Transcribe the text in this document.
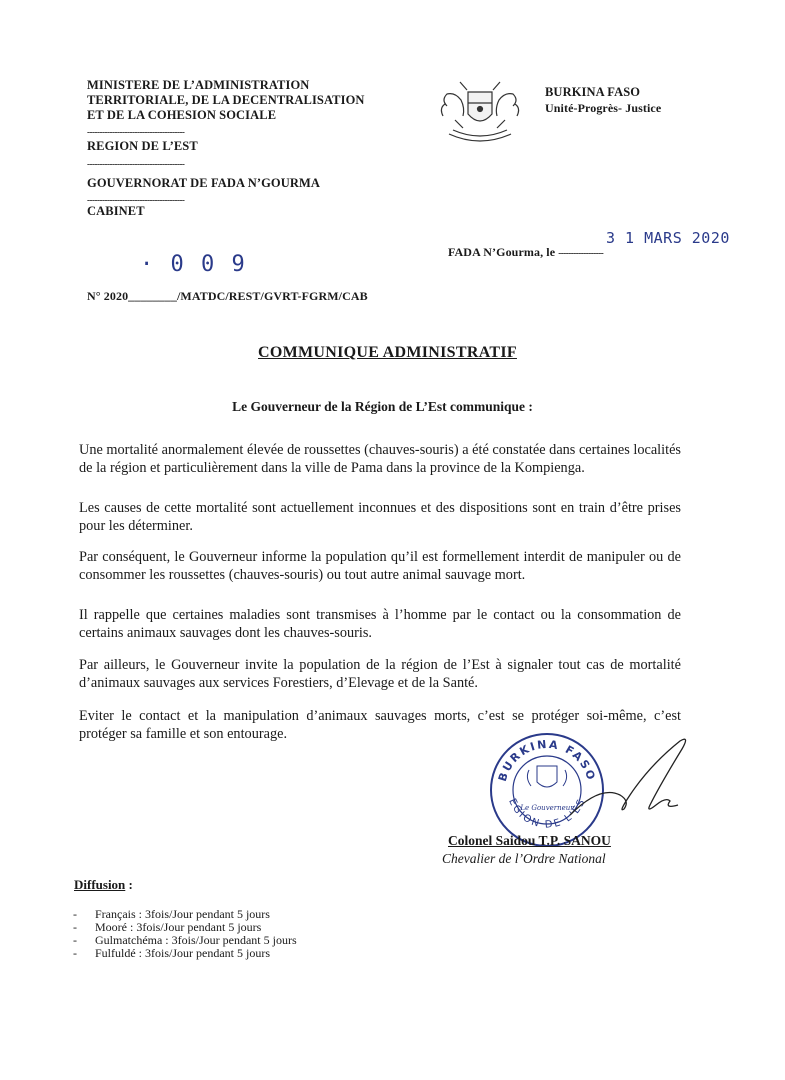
MINISTERE DE L’ADMINISTRATION
TERRITORIALE, DE LA DECENTRALISATION
ET DE LA COHESION SOCIALE
---------------------------------------
REGION DE L’EST
---------------------------------------
GOUVERNORAT DE FADA N’GOURMA
---------------------------------------
CABINET
BURKINA FASO
Unité-Progrès- Justice
3 1 MARS 2020
FADA N’Gourma, le ------------------
· 0 0 9
N° 2020________/MATDC/REST/GVRT-FGRM/CAB
COMMUNIQUE ADMINISTRATIF
Le Gouverneur de la Région de L’Est communique :
Une mortalité anormalement élevée de roussettes (chauves-souris) a été constatée dans certaines localités de la région et particulièrement dans la ville de Pama dans la province de la Kompienga.
Les causes de cette mortalité sont actuellement inconnues et des dispositions sont en train d’être prises pour les déterminer.
Par conséquent, le Gouverneur informe la population qu’il est formellement interdit de manipuler ou de consommer les roussettes (chauves-souris) ou tout autre animal sauvage mort.
Il rappelle que certaines maladies sont transmises à l’homme par le contact ou la consommation de certains animaux sauvages dont les chauves-souris.
Par ailleurs, le Gouverneur invite la population de la région de l’Est à signaler tout cas de mortalité d’animaux sauvages aux services Forestiers, d’Elevage et de la Santé.
Eviter le contact et la manipulation d’animaux sauvages morts, c’est se protéger soi-même, c’est protéger sa famille et son entourage.
BURKINA FASO
EGION DE L'ES
Le Gouverneur
Colonel Saidou T.P. SANOU
Chevalier de l’Ordre National
Diffusion :
- Français : 3fois/Jour pendant 5 jours
- Mooré : 3fois/Jour pendant 5 jours
- Gulmatchéma : 3fois/Jour pendant 5 jours
- Fulfuldé : 3fois/Jour pendant 5 jours
